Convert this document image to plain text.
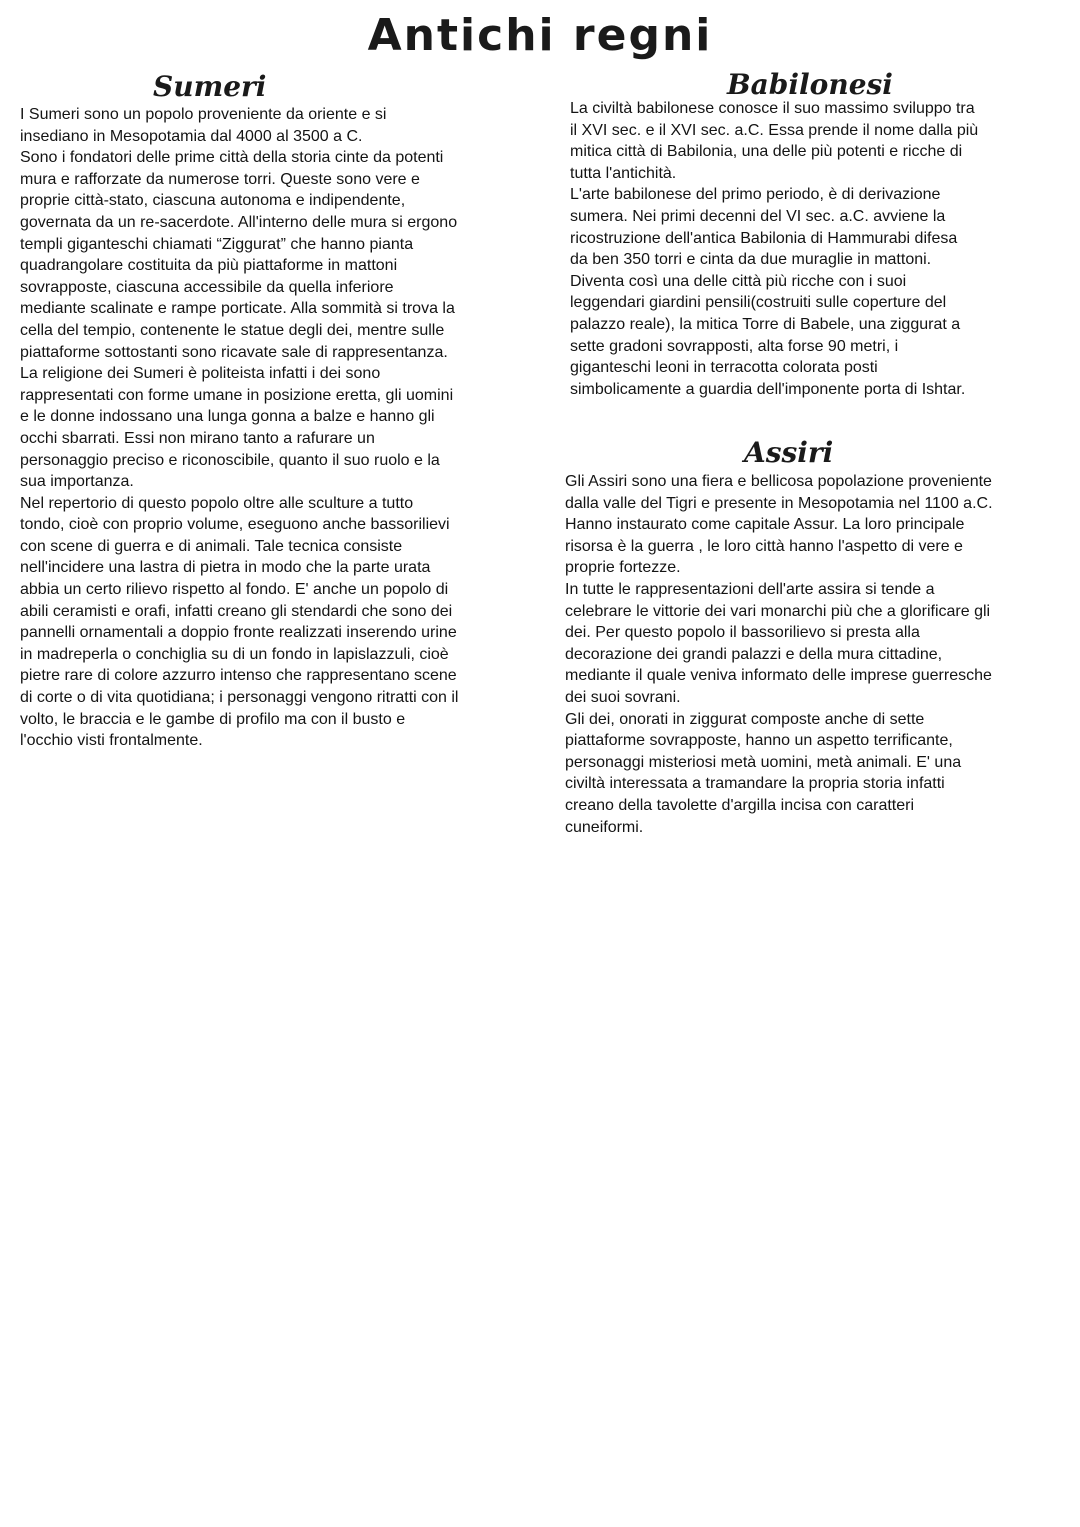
Antichi regni
Sumeri
I Sumeri sono un popolo proveniente da oriente e si
insediano in Mesopotamia dal 4000 al 3500 a C.
Sono i fondatori delle prime città della storia cinte da potenti
mura e rafforzate da numerose torri. Queste sono vere e
proprie città-stato, ciascuna autonoma e indipendente,
governata da un re-sacerdote. All'interno delle mura si ergono
templi giganteschi chiamati “Ziggurat” che hanno pianta
quadrangolare costituita da più piattaforme in mattoni
sovrapposte, ciascuna accessibile da quella inferiore
mediante scalinate e rampe porticate. Alla sommità si trova la
cella del tempio, contenente le statue degli dei, mentre sulle
piattaforme sottostanti sono ricavate sale di rappresentanza.
La religione dei Sumeri è politeista infatti i dei sono
rappresentati con forme umane in posizione eretta, gli uomini
e le donne indossano una lunga gonna a balze e hanno gli
occhi sbarrati. Essi non mirano tanto a rafurare un
personaggio preciso e riconoscibile, quanto il suo ruolo e la
sua importanza.
Nel repertorio di questo popolo oltre alle sculture a tutto
tondo, cioè con proprio volume, eseguono anche bassorilievi
con scene di guerra e di animali. Tale tecnica consiste
nell'incidere una lastra di pietra in modo che la parte urata
abbia un certo rilievo rispetto al fondo. E' anche un popolo di
abili ceramisti e orafi, infatti creano gli stendardi che sono dei
pannelli ornamentali a doppio fronte realizzati inserendo urine
in madreperla o conchiglia su di un fondo in lapislazzuli, cioè
pietre rare di colore azzurro intenso che rappresentano scene
di corte o di vita quotidiana; i personaggi vengono ritratti con il
volto, le braccia e le gambe di profilo ma con il busto e
l'occhio visti frontalmente.
Babilonesi
La civiltà babilonese conosce il suo massimo sviluppo tra
il XVI sec. e il XVI sec. a.C. Essa prende il nome dalla più
mitica città di Babilonia, una delle più potenti e ricche di
tutta l'antichità.
L'arte babilonese del primo periodo, è di derivazione
sumera. Nei primi decenni del VI sec. a.C. avviene la
ricostruzione dell'antica Babilonia di Hammurabi difesa
da ben 350 torri e cinta da due muraglie in mattoni.
Diventa così una delle città più ricche con i suoi
leggendari giardini pensili(costruiti sulle coperture del
palazzo reale), la mitica Torre di Babele, una ziggurat a
sette gradoni sovrapposti, alta forse 90 metri, i
giganteschi leoni in terracotta colorata posti
simbolicamente a guardia dell'imponente porta di Ishtar.
Assiri
Gli Assiri sono una fiera e bellicosa popolazione proveniente
dalla valle del Tigri e presente in Mesopotamia nel 1100 a.C.
Hanno instaurato come capitale Assur. La loro principale
risorsa è la guerra , le loro città hanno l'aspetto di vere e
proprie fortezze.
In tutte le rappresentazioni dell'arte assira si tende a
celebrare le vittorie dei vari monarchi più che a glorificare gli
dei. Per questo popolo il bassorilievo si presta alla
decorazione dei grandi palazzi e della mura cittadine,
mediante il quale veniva informato delle imprese guerresche
dei suoi sovrani.
Gli dei, onorati in ziggurat composte anche di sette
piattaforme sovrapposte, hanno un aspetto terrificante,
personaggi misteriosi metà uomini, metà animali. E' una
civiltà interessata a tramandare la propria storia infatti
creano della tavolette d'argilla incisa con caratteri
cuneiformi.
